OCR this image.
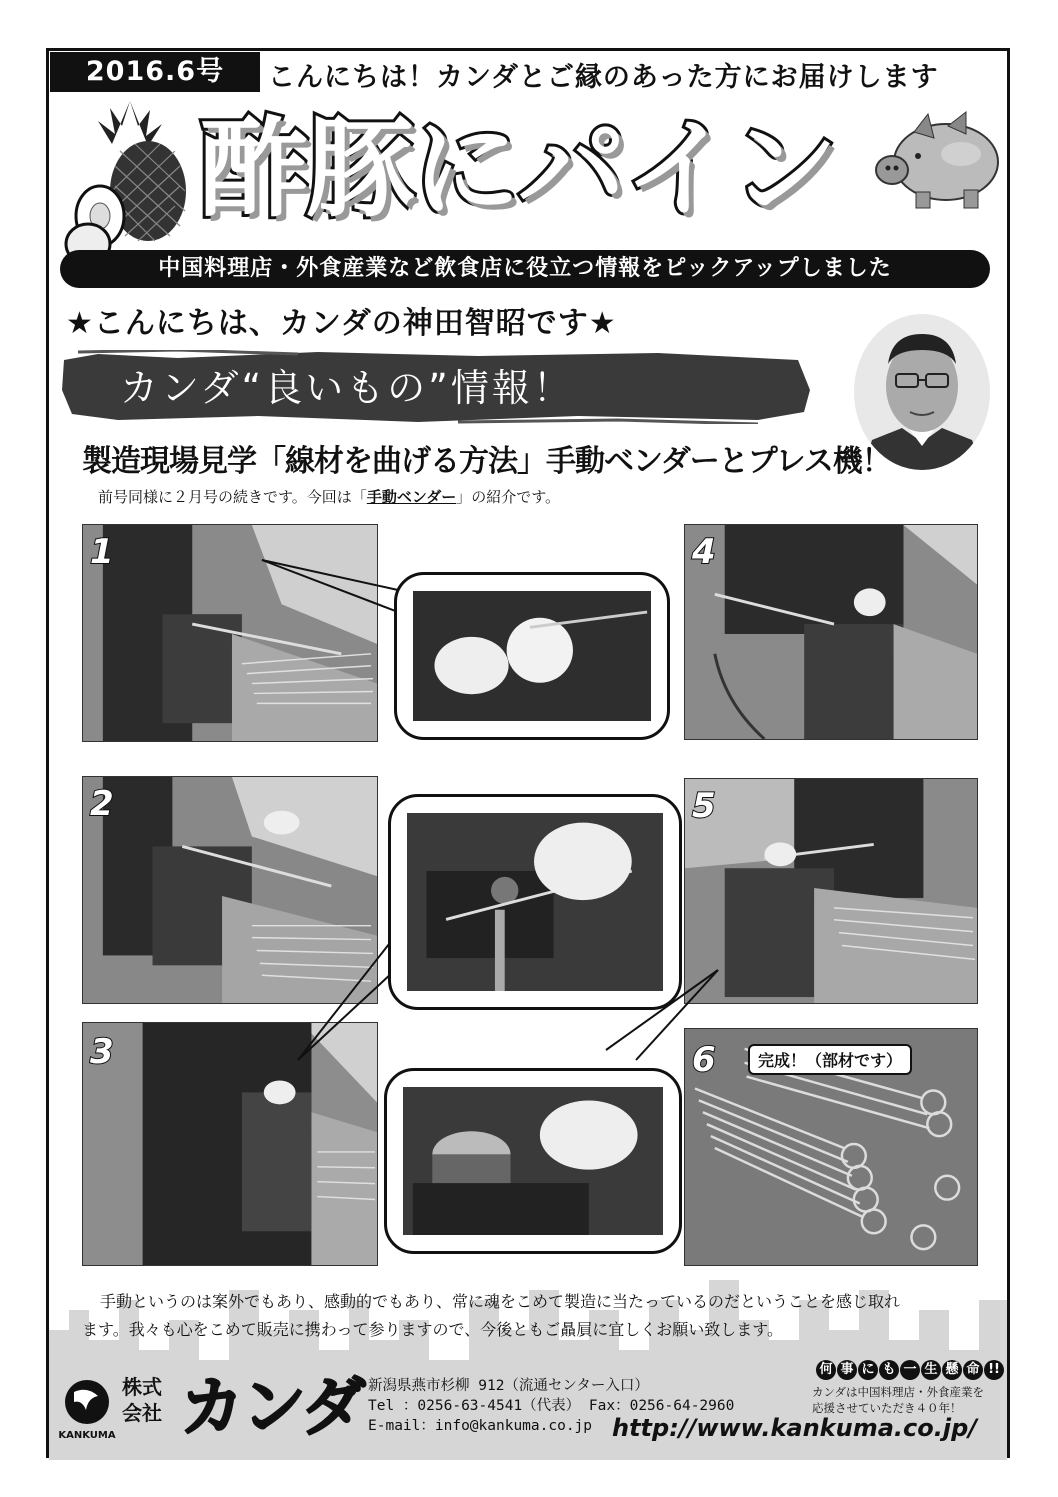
2016.6号	こんにちは！カンダとご縁のあった方にお届けします
酢豚にパイン
中国料理店・外食産業など飲食店に役立つ情報をピックアップしました
★こんにちは、カンダの神田智昭です★
カンダ“良いもの”情報！
製造現場見学「線材を曲げる方法」手動ベンダーとプレス機！
前号同様に２月号の続きです。今回は「手動ベンダー」の紹介です。
1
2
3
4
5
6	完成！（部材です）

手動というのは案外でもあり、感動的でもあり、常に魂をこめて製造に当たっているのだということを感じ取れ

ます。我々も心をこめて販売に携わって参りますので、今後ともご贔屓に宜しくお願い致します。

KANKUMA
株式
会社 カンダ 新潟県燕市杉柳 912（流通センター入口）
Tel ：0256-63-4541（代表） Fax：0256-64-2960
E-mail：info@kankuma.co.jp
何 事 に も 一 生 懸 命 !!
カンダは中国料理店・外食産業を
応援させていただき４０年！
http://www.kankuma.co.jp/
